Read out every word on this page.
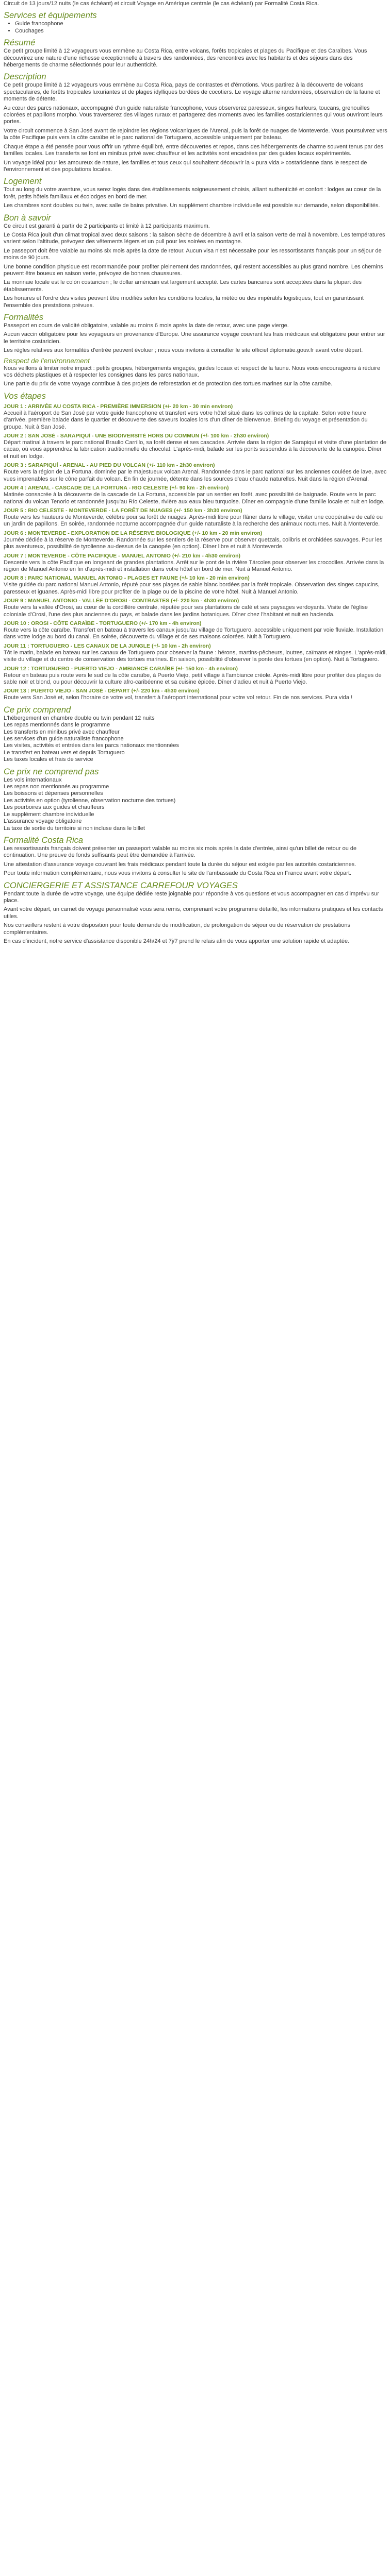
Circuit de 13 jours/12 nuits (le cas échéant) et circuit Voyage en Amérique centrale (le cas échéant) par Formalité Costa Rica.

Services et équipements
• Guide francophone
• Couchages
Résumé

Ce petit groupe limité à 12 voyageurs vous emmène au Costa Rica, entre volcans, forêts tropicales et plages du Pacifique et des Caraïbes. Vous découvrirez une nature d'une richesse exceptionnelle à travers des randonnées, des rencontres avec les habitants et des séjours dans des hébergements de charme sélectionnés pour leur authenticité.

Description

Ce petit groupe limité à 12 voyageurs vous emmène au Costa Rica, pays de contrastes et d'émotions. Vous partirez à la découverte de volcans spectaculaires, de forêts tropicales luxuriantes et de plages idylliques bordées de cocotiers. Le voyage alterne randonnées, observation de la faune et moments de détente.

Au cœur des parcs nationaux, accompagné d'un guide naturaliste francophone, vous observerez paresseux, singes hurleurs, toucans, grenouilles colorées et papillons morpho. Vous traverserez des villages ruraux et partagerez des moments avec les familles costariciennes qui vous ouvriront leurs portes.

Votre circuit commence à San José avant de rejoindre les régions volcaniques de l'Arenal, puis la forêt de nuages de Monteverde. Vous poursuivrez vers la côte Pacifique puis vers la côte caraïbe et le parc national de Tortuguero, accessible uniquement par bateau.

Chaque étape a été pensée pour vous offrir un rythme équilibré, entre découvertes et repos, dans des hébergements de charme souvent tenus par des familles locales. Les transferts se font en minibus privé avec chauffeur et les activités sont encadrées par des guides locaux expérimentés.

Un voyage idéal pour les amoureux de nature, les familles et tous ceux qui souhaitent découvrir la « pura vida » costaricienne dans le respect de l'environnement et des populations locales.

Logement

Tout au long du votre aventure, vous serez logés dans des établissements soigneusement choisis, alliant authenticité et confort : lodges au cœur de la forêt, petits hôtels familiaux et écolodges en bord de mer.

Les chambres sont doubles ou twin, avec salle de bains privative. Un supplément chambre individuelle est possible sur demande, selon disponibilités.

Bon à savoir

Ce circuit est garanti à partir de 2 participants et limité à 12 participants maximum.

Le Costa Rica jouit d'un climat tropical avec deux saisons : la saison sèche de décembre à avril et la saison verte de mai à novembre. Les températures varient selon l'altitude, prévoyez des vêtements légers et un pull pour les soirées en montagne.

Le passeport doit être valable au moins six mois après la date de retour. Aucun visa n'est nécessaire pour les ressortissants français pour un séjour de moins de 90 jours.

Une bonne condition physique est recommandée pour profiter pleinement des randonnées, qui restent accessibles au plus grand nombre. Les chemins peuvent être boueux en saison verte, prévoyez de bonnes chaussures.

La monnaie locale est le colón costaricien ; le dollar américain est largement accepté. Les cartes bancaires sont acceptées dans la plupart des établissements.

Les horaires et l'ordre des visites peuvent être modifiés selon les conditions locales, la météo ou des impératifs logistiques, tout en garantissant l'ensemble des prestations prévues.

Formalités

Passeport en cours de validité obligatoire, valable au moins 6 mois après la date de retour, avec une page vierge.

Aucun vaccin obligatoire pour les voyageurs en provenance d'Europe. Une assurance voyage couvrant les frais médicaux est obligatoire pour entrer sur le territoire costaricien.

Les règles relatives aux formalités d'entrée peuvent évoluer ; nous vous invitons à consulter le site officiel diplomatie.gouv.fr avant votre départ.

Respect de l'environnement

Nous veillons à limiter notre impact : petits groupes, hébergements engagés, guides locaux et respect de la faune. Nous vous encourageons à réduire vos déchets plastiques et à respecter les consignes dans les parcs nationaux.

Une partie du prix de votre voyage contribue à des projets de reforestation et de protection des tortues marines sur la côte caraïbe.

Vos étapes
JOUR 1 : ARRIVÉE AU COSTA RICA - PREMIÈRE IMMERSION (+/- 20 km - 30 min environ)

Accueil à l'aéroport de San José par votre guide francophone et transfert vers votre hôtel situé dans les collines de la capitale. Selon votre heure d'arrivée, première balade dans le quartier et découverte des saveurs locales lors d'un dîner de bienvenue. Briefing du voyage et présentation du groupe. Nuit à San José.

JOUR 2 : SAN JOSÉ - SARAPIQUÍ - UNE BIODIVERSITÉ HORS DU COMMUN (+/- 100 km - 2h30 environ)

Départ matinal à travers le parc national Braulio Carrillo, sa forêt dense et ses cascades. Arrivée dans la région de Sarapiquí et visite d'une plantation de cacao, où vous apprendrez la fabrication traditionnelle du chocolat. L'après-midi, balade sur les ponts suspendus à la découverte de la canopée. Dîner et nuit en lodge.

JOUR 3 : SARAPIQUÍ - ARENAL - AU PIED DU VOLCAN (+/- 110 km - 2h30 environ)

Route vers la région de La Fortuna, dominée par le majestueux volcan Arenal. Randonnée dans le parc national sur les anciennes coulées de lave, avec vues imprenables sur le cône parfait du volcan. En fin de journée, détente dans les sources d'eau chaude naturelles. Nuit dans la région d'Arenal.

JOUR 4 : ARENAL - CASCADE DE LA FORTUNA - RIO CELESTE (+/- 90 km - 2h environ)

Matinée consacrée à la découverte de la cascade de La Fortuna, accessible par un sentier en forêt, avec possibilité de baignade. Route vers le parc national du volcan Tenorio et randonnée jusqu'au Río Celeste, rivière aux eaux bleu turquoise. Dîner en compagnie d'une famille locale et nuit en lodge.

JOUR 5 : RIO CELESTE - MONTEVERDE - LA FORÊT DE NUAGES (+/- 150 km - 3h30 environ)

Route vers les hauteurs de Monteverde, célèbre pour sa forêt de nuages. Après-midi libre pour flâner dans le village, visiter une coopérative de café ou un jardin de papillons. En soirée, randonnée nocturne accompagnée d'un guide naturaliste à la recherche des animaux nocturnes. Nuit à Monteverde.

JOUR 6 : MONTEVERDE - EXPLORATION DE LA RÉSERVE BIOLOGIQUE (+/- 10 km - 20 min environ)

Journée dédiée à la réserve de Monteverde. Randonnée sur les sentiers de la réserve pour observer quetzals, colibris et orchidées sauvages. Pour les plus aventureux, possibilité de tyrolienne au-dessus de la canopée (en option). Dîner libre et nuit à Monteverde.

JOUR 7 : MONTEVERDE - CÔTE PACIFIQUE - MANUEL ANTONIO (+/- 210 km - 4h30 environ)

Descente vers la côte Pacifique en longeant de grandes plantations. Arrêt sur le pont de la rivière Tárcoles pour observer les crocodiles. Arrivée dans la région de Manuel Antonio en fin d'après-midi et installation dans votre hôtel en bord de mer. Nuit à Manuel Antonio.

JOUR 8 : PARC NATIONAL MANUEL ANTONIO - PLAGES ET FAUNE (+/- 10 km - 20 min environ)

Visite guidée du parc national Manuel Antonio, réputé pour ses plages de sable blanc bordées par la forêt tropicale. Observation des singes capucins, paresseux et iguanes. Après-midi libre pour profiter de la plage ou de la piscine de votre hôtel. Nuit à Manuel Antonio.

JOUR 9 : MANUEL ANTONIO - VALLÉE D'OROSI - CONTRASTES (+/- 220 km - 4h30 environ)

Route vers la vallée d'Orosi, au cœur de la cordillère centrale, réputée pour ses plantations de café et ses paysages verdoyants. Visite de l'église coloniale d'Orosi, l'une des plus anciennes du pays, et balade dans les jardins botaniques. Dîner chez l'habitant et nuit en hacienda.

JOUR 10 : OROSI - CÔTE CARAÏBE - TORTUGUERO (+/- 170 km - 4h environ)

Route vers la côte caraïbe. Transfert en bateau à travers les canaux jusqu'au village de Tortuguero, accessible uniquement par voie fluviale. Installation dans votre lodge au bord du canal. En soirée, découverte du village et de ses maisons colorées. Nuit à Tortuguero.

JOUR 11 : TORTUGUERO - LES CANAUX DE LA JUNGLE (+/- 10 km - 2h environ)

Tôt le matin, balade en bateau sur les canaux de Tortuguero pour observer la faune : hérons, martins-pêcheurs, loutres, caïmans et singes. L'après-midi, visite du village et du centre de conservation des tortues marines. En saison, possibilité d'observer la ponte des tortues (en option). Nuit à Tortuguero.

JOUR 12 : TORTUGUERO - PUERTO VIEJO - AMBIANCE CARAÏBE (+/- 150 km - 4h environ)

Retour en bateau puis route vers le sud de la côte caraïbe, à Puerto Viejo, petit village à l'ambiance créole. Après-midi libre pour profiter des plages de sable noir et blond, ou pour découvrir la culture afro-caribéenne et sa cuisine épicée. Dîner d'adieu et nuit à Puerto Viejo.

JOUR 13 : PUERTO VIEJO - SAN JOSÉ - DÉPART (+/- 220 km - 4h30 environ)

Route vers San José et, selon l'horaire de votre vol, transfert à l'aéroport international pour votre vol retour. Fin de nos services. Pura vida !

Ce prix comprend
L'hébergement en chambre double ou twin pendant 12 nuits
Les repas mentionnés dans le programme
Les transferts en minibus privé avec chauffeur
Les services d'un guide naturaliste francophone
Les visites, activités et entrées dans les parcs nationaux mentionnées
Le transfert en bateau vers et depuis Tortuguero
Les taxes locales et frais de service
Ce prix ne comprend pas
Les vols internationaux
Les repas non mentionnés au programme
Les boissons et dépenses personnelles
Les activités en option (tyrolienne, observation nocturne des tortues)
Les pourboires aux guides et chauffeurs
Le supplément chambre individuelle
L'assurance voyage obligatoire
La taxe de sortie du territoire si non incluse dans le billet
Formalité Costa Rica

Les ressortissants français doivent présenter un passeport valable au moins six mois après la date d'entrée, ainsi qu'un billet de retour ou de continuation. Une preuve de fonds suffisants peut être demandée à l'arrivée.

Une attestation d'assurance voyage couvrant les frais médicaux pendant toute la durée du séjour est exigée par les autorités costariciennes.

Pour toute information complémentaire, nous vous invitons à consulter le site de l'ambassade du Costa Rica en France avant votre départ.

CONCIERGERIE ET ASSISTANCE CARREFOUR VOYAGES

Pendant toute la durée de votre voyage, une équipe dédiée reste joignable pour répondre à vos questions et vous accompagner en cas d'imprévu sur place.

Avant votre départ, un carnet de voyage personnalisé vous sera remis, comprenant votre programme détaillé, les informations pratiques et les contacts utiles.

Nos conseillers restent à votre disposition pour toute demande de modification, de prolongation de séjour ou de réservation de prestations complémentaires.

En cas d'incident, notre service d'assistance disponible 24h/24 et 7j/7 prend le relais afin de vous apporter une solution rapide et adaptée.
